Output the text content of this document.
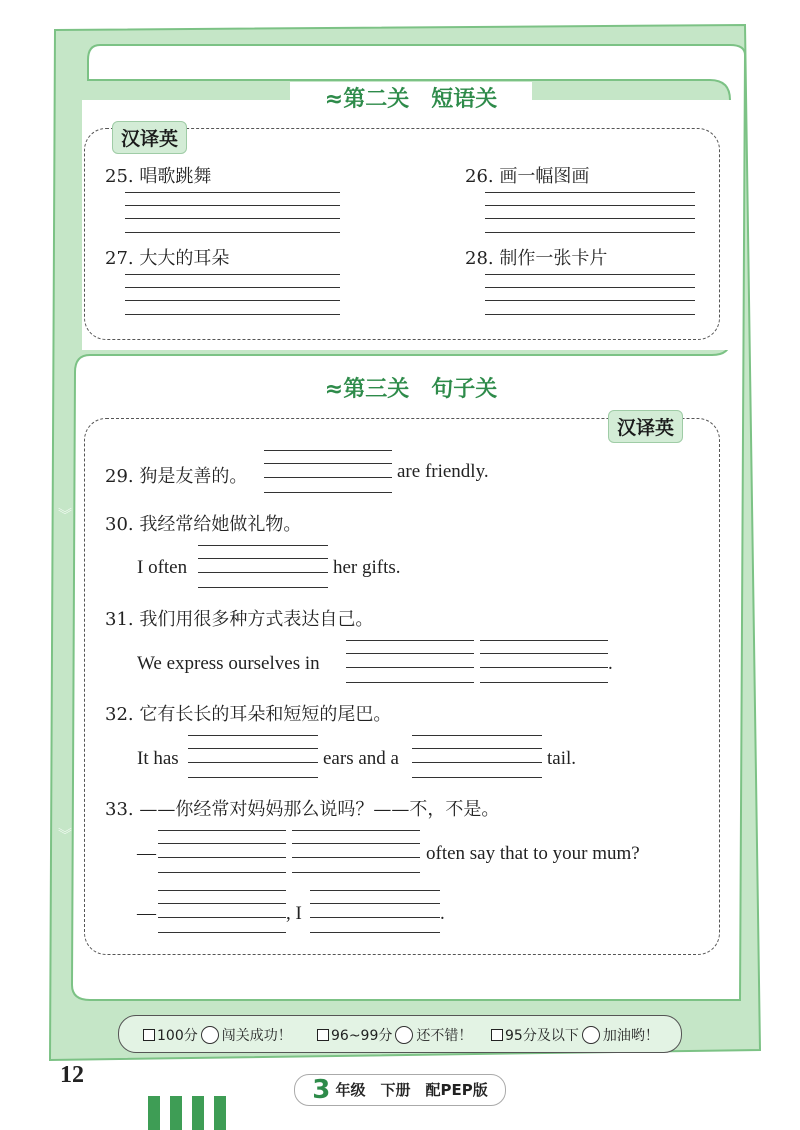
︾
︾
︾
≈第二关　短语关
汉译英
25. 唱歌跳舞	26. 画一幅图画
27. 大大的耳朵	28. 制作一张卡片
≈第三关　句子关
汉译英
29. 狗是友善的。	are friendly.
30. 我经常给她做礼物。
I often	her gifts.
31. 我们用很多种方式表达自己。
We express ourselves in	.
32. 它有长长的耳朵和短短的尾巴。
It has	ears and a	tail.
33. ——你经常对妈妈那么说吗？——不，不是。
—	often say that to your mum?
—	, I	.
100分 闯关成功！	96~99分 还不错！	95分及以下 加油哟！
12	3 年级　下册　配PEP版
